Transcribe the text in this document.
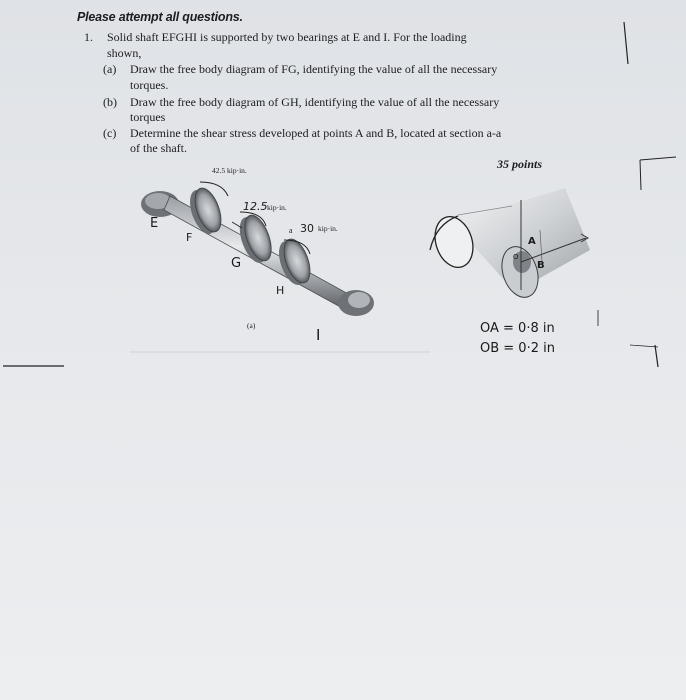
Please attempt all questions.
1. Solid shaft EFGHI is supported by two bearings at E and I. For the loading
shown,
(a) Draw the free body diagram of FG, identifying the value of all the necessary
torques.
(b) Draw the free body diagram of GH, identifying the value of all the necessary
torques
(c) Determine the shear stress developed at points A and B, located at section a-a
of the shaft.
35 points
42.5 kip·in.
12.5 kip·in.
30 kip·in.
a
E
F
G
H
I
(a)
A
B
O
OA = 0·8 in
OB = 0·2 in
